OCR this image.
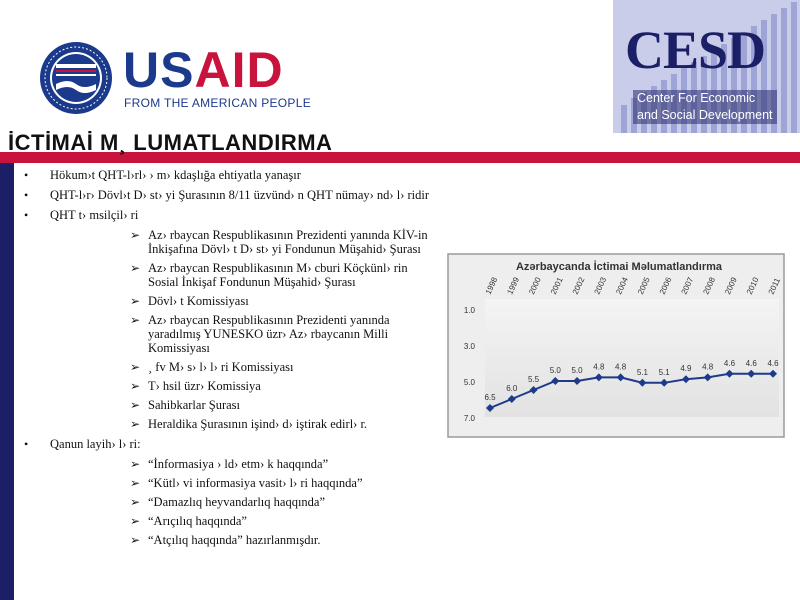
USAID
FROM THE AMERICAN PEOPLE
CESD
Center For Economic
and Social Development
İCTİMAİ M¸ LUMATLANDIRMA
• Hökum›t QHT-l›rl› › m› kdaşlığa ehtiyatla yanaşır
• QHT-l›r› Dövl›t D› st› yi Şurasının 8/11 üzvünd› n QHT nümay› nd› l› ridir
• QHT t› msilçil› ri
➢ Az› rbaycan Respublikasının Prezidenti yanında KİV-in İnkişafına Dövl› t D› st› yi Fondunun Müşahid› Şurası
➢ Az› rbaycan Respublikasının M› cburi Köçkünl› rin Sosial İnkişaf Fondunun Müşahid› Şurası
➢ Dövl› t Komissiyası
➢ Az› rbaycan Respublikasının Prezidenti yanında yaradılmış YUNESKO üzr› Az› rbaycanın Milli Komissiyası
➢ ¸ fv M› s› l› l› ri Komissiyası
➢ T› hsil üzr› Komissiya
➢ Sahibkarlar Şurası
➢ Heraldika Şurasının işind› d› iştirak edirl› r.
• Qanun layih› l› ri:
➢ “İnformasiya › ld› etm› k haqqında”
➢ “Kütl› vi informasiya vasit› l› ri haqqında”
➢ “Damazlıq heyvandarlıq haqqında”
➢ “Arıçılıq haqqında”
➢ “Atçılıq haqqında” hazırlanmışdır.
Azərbaycanda İctimai Məlumatlandırma
1.0
3.0
5.0
7.0
1998 1999 2000 2001 2002 2003 2004 2005 2006 2007 2008 2009 2010 2011
6.5
6.0
5.5
5.0 5.0 4.8 4.8
5.1 5.1 4.9 4.8 4.6 4.6 4.6
